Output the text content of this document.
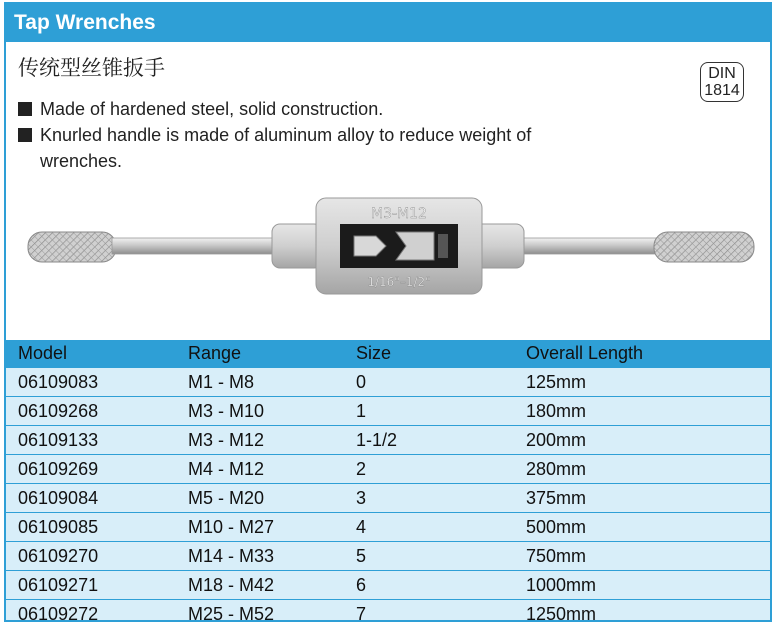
Tap Wrenches
传统型丝锥扳手	DIN
1814
Made of hardened steel, solid construction.
Knurled handle is made of aluminum alloy to reduce weight of wrenches.
M3-M12
1/16"–1/2"
Model	Range	Size	Overall Length
06109083	M1 - M8	0	125mm
06109268	M3 - M10	1	180mm
06109133	M3 - M12	1-1/2	200mm
06109269	M4 - M12	2	280mm
06109084	M5 - M20	3	375mm
06109085	M10 - M27	4	500mm
06109270	M14 - M33	5	750mm
06109271	M18 - M42	6	1000mm
06109272	M25 - M52	7	1250mm
